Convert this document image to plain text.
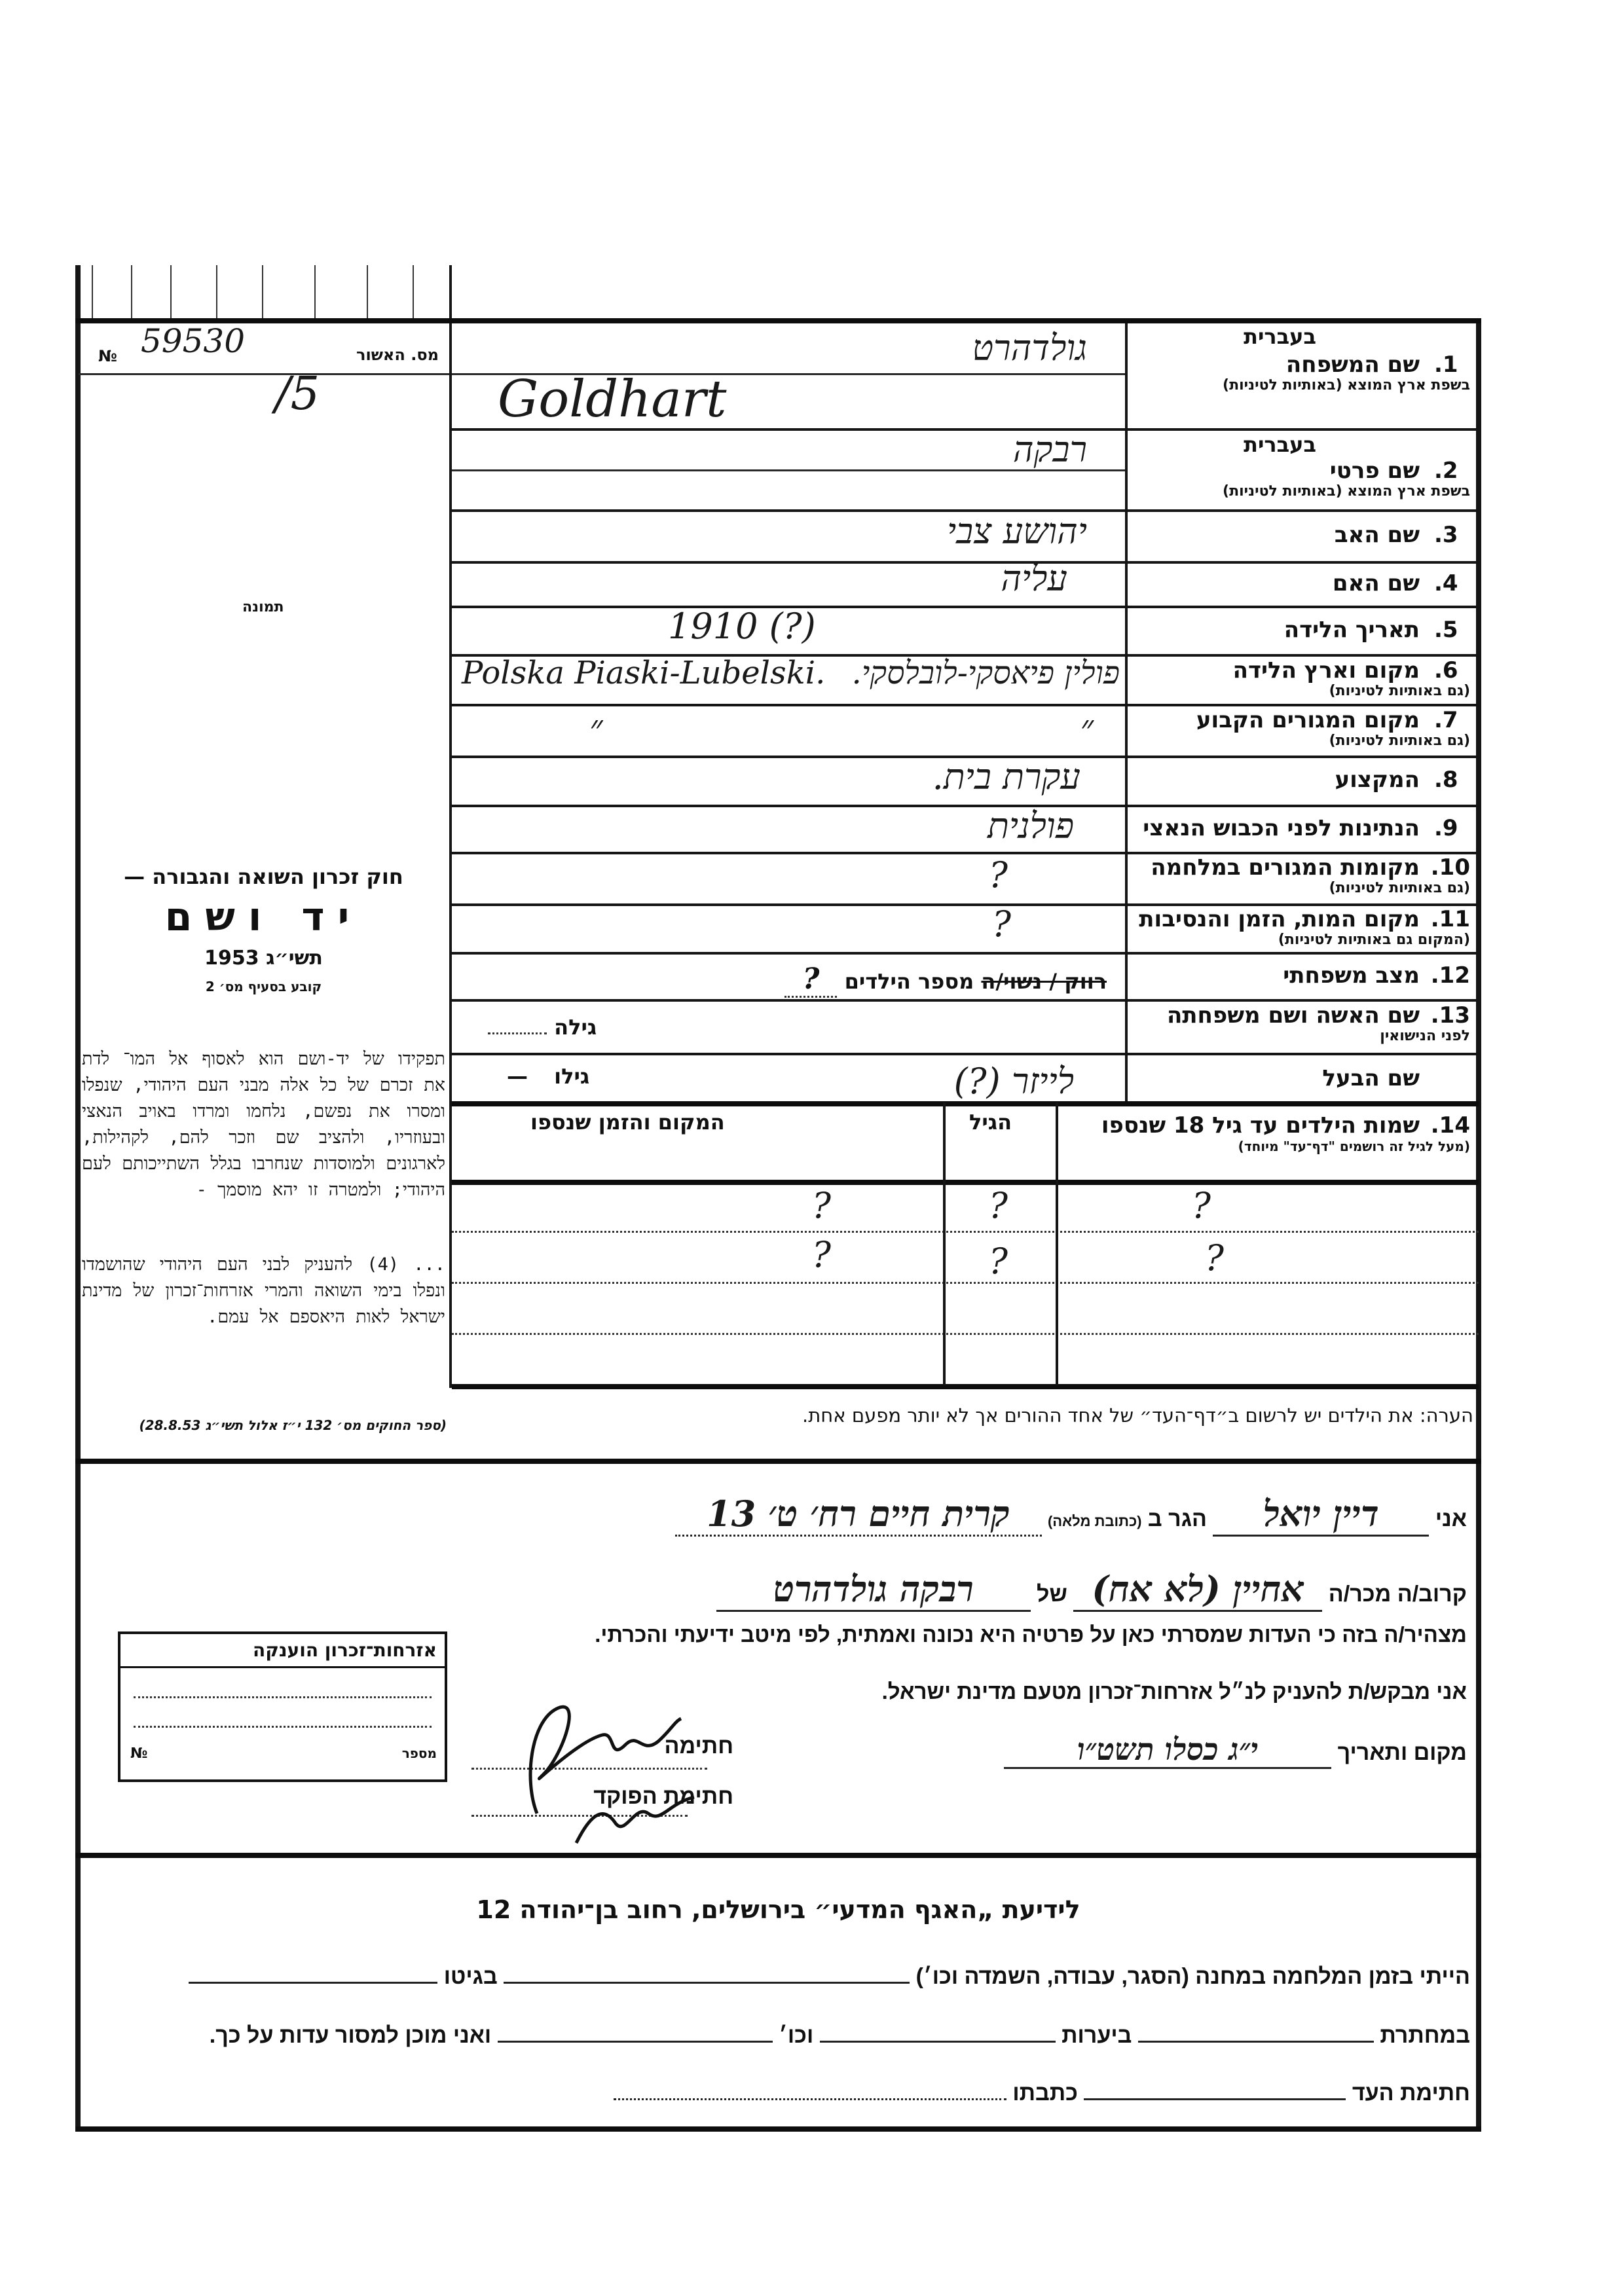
מס. האשור
№ 59530
/5
תמונה
חוק זכרון השואה והגבורה —
יד ושם
תשי״ג 1953
קובע בסעיף מס׳ 2
תפקידו של יד-ושם הוא לאסוף אל המו־ לדת את זכרם של כל אלה מבני העם היהודי, שנפלו ומסרו את נפשם, נלחמו ומרדו באויב הנאצי ובעוזריו, ולהציב שם וזכר להם, לקהילות, לארגונים ולמוסדות שנחרבו בגלל השתייכותם לעם היהודי; ולמטרה זו יהא מוסמך -
... (4) להעניק לבני העם היהודי שהושמדו ונפלו בימי השואה והמרי אזרחות־זכרון של מדינת ישראל לאות היאספם אל עמם.
(ספר החוקים מס׳ 132 י״ז אלול תשי״ג 28.8.53)
אזרחות־זכרון הוענקה
מספר
№
בעברית
1.שם המשפחה
בשפת ארץ המוצא (באותיות לטיניות)
בעברית
2.שם פרטי
בשפת ארץ המוצא (באותיות לטיניות)
3.שם האב
4.שם האם
5.תאריך הלידה
6.מקום וארץ הלידה
(גם באותיות לטיניות)
7.מקום המגורים הקבוע
(גם באותיות לטיניות)
8.המקצוע
9.הנתינות לפני הכבוש הנאצי
10.מקומות המגורים במלחמה
(גם באותיות לטיניות)
11.מקום המות, הזמן והנסיבות
(המקום גם באותיות לטיניות)
12.מצב משפחתי
13.שם האשה ושם משפחתה
לפני הנישואין
שם הבעל
14.שמות הילדים עד גיל 18 שנספו
(מעל לגיל זה רושמים "דף־עד" מיוחד)
גולדהרט
Goldhart
רבקה
יהושע צבי
עליה
1910 (?)
פולין פיאסקי-לובלסקי.
Polska Piaski-Lubelski.
״
״
עקרת בית.
פולנית
?
?
רווק / נשוי/ה מספר הילדים ?
גילה
לייזר (?)
גילו —
הגיל
המקום והזמן שנספו
?
?
?
?
?
?
הערה: את הילדים יש לרשום ב״דף־העד״ של אחד ההורים אך לא יותר מפעם אחת.
אני דיין יואל הגר ב (כתובת מלאה) קרית חיים רח׳ ט׳ 13
קרוב/ה מכר/ה אחיין (לא אח) של רבקה גולדהרט
מצהיר/ה בזה כי העדות שמסרתי כאן על פרטיה היא נכונה ואמתית, לפי מיטב ידיעתי והכרתי.
אני מבקש/ת להעניק לנ״ל אזרחות־זכרון מטעם מדינת ישראל.
מקום ותאריך י״ג כסלו תשט״ו
חתימה
חתימת הפוקד
לידיעת „האגף המדעי״ בירושלים, רחוב בן־יהודה 12
הייתי בזמן המלחמה במחנה (הסגר, עבודה, השמדה וכו׳)  בגיטו
במחתרת  ביערות  וכו׳  ואני מוכן למסור עדות על כך.
חתימת העד  כתבתו
